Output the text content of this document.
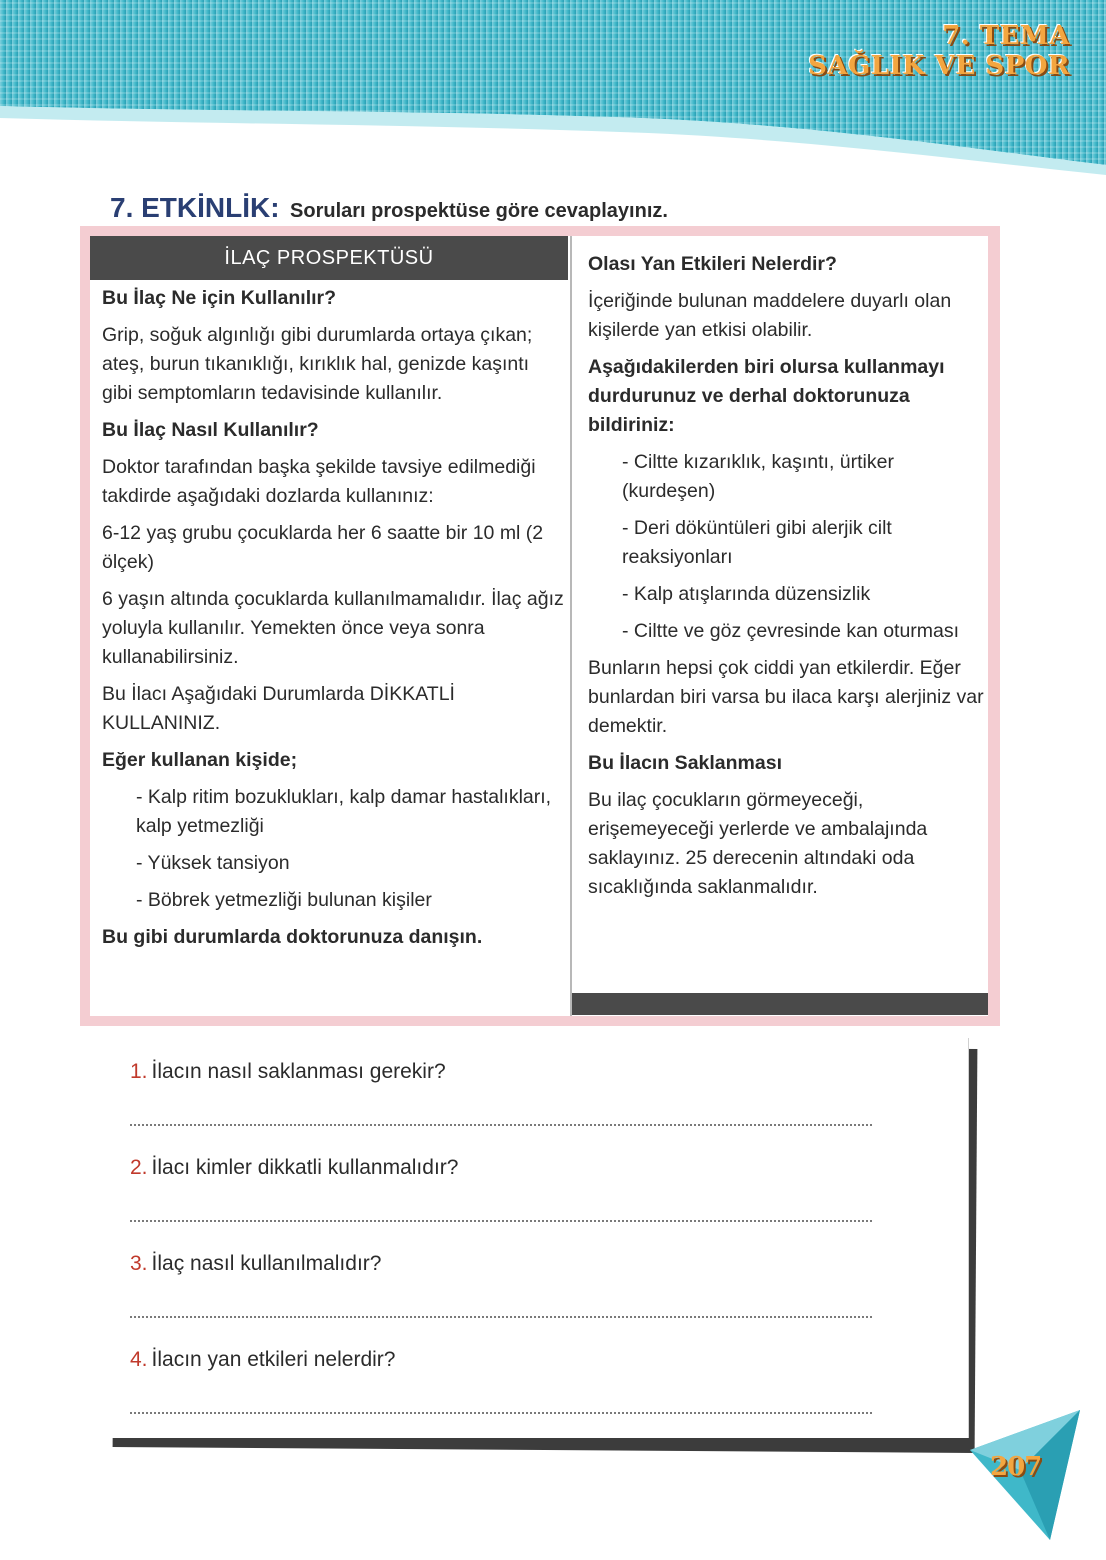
7. TEMA
SAĞLIK VE SPOR
7. ETKİNLİK: Soruları prospektüse göre cevaplayınız.
İLAÇ PROSPEKTÜSÜ

Bu İlaç Ne için Kullanılır?

Grip, soğuk algınlığı gibi durumlarda ortaya çıkan; ateş, burun tıkanıklığı, kırıklık hal, genizde kaşıntı gibi semptomların tedavisinde kullanılır.

Bu İlaç Nasıl Kullanılır?

Doktor tarafından başka şekilde tavsiye edilmediği takdirde aşağıdaki dozlarda kullanınız:

6-12 yaş grubu çocuklarda her 6 saatte bir 10 ml (2 ölçek)

6 yaşın altında çocuklarda kullanılmamalıdır. İlaç ağız yoluyla kullanılır. Yemekten önce veya sonra kullanabilirsiniz.

Bu İlacı Aşağıdaki Durumlarda DİKKATLİ KULLANINIZ.

Eğer kullanan kişide;

- Kalp ritim bozuklukları, kalp damar hastalıkları, kalp yetmezliği

- Yüksek tansiyon

- Böbrek yetmezliği bulunan kişiler

Bu gibi durumlarda doktorunuza danışın.

Olası Yan Etkileri Nelerdir?

İçeriğinde bulunan maddelere duyarlı olan kişilerde yan etkisi olabilir.

Aşağıdakilerden biri olursa kullanmayı durdurunuz ve derhal doktorunuza bildiriniz:

- Ciltte kızarıklık, kaşıntı, ürtiker (kurdeşen)

- Deri döküntüleri gibi alerjik cilt reaksiyonları

- Kalp atışlarında düzensizlik

- Ciltte ve göz çevresinde kan oturması

Bunların hepsi çok ciddi yan etkilerdir. Eğer bunlardan biri varsa bu ilaca karşı alerjiniz var demektir.

Bu İlacın Saklanması

Bu ilaç çocukların görmeyeceği, erişemeyeceği yerlerde ve ambalajında saklayınız. 25 derecenin altındaki oda sıcaklığında saklanmalıdır.

1. İlacın nasıl saklanması gerekir?
2. İlacı kimler dikkatli kullanmalıdır?
3. İlaç nasıl kullanılmalıdır?
4. İlacın yan etkileri nelerdir?
207
